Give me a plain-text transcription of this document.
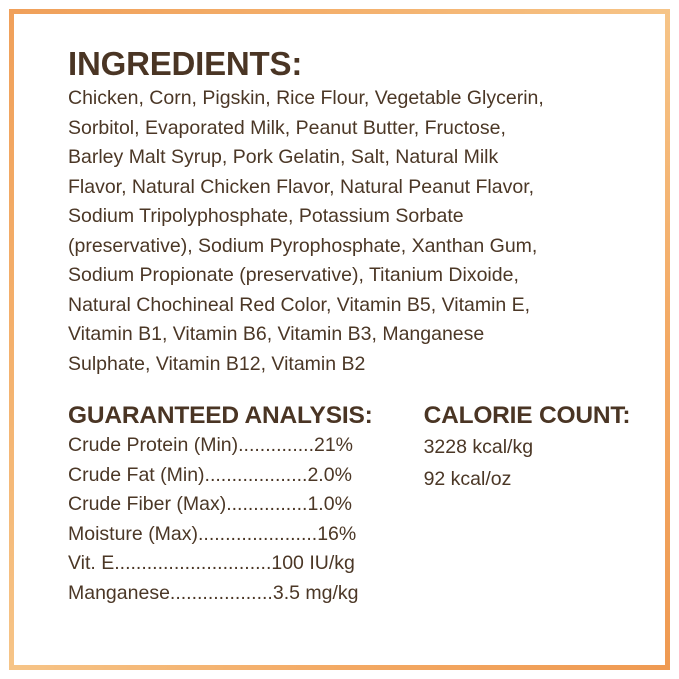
INGREDIENTS:
Chicken, Corn, Pigskin, Rice Flour, Vegetable Glycerin, Sorbitol, Evaporated Milk, Peanut Butter, Fructose, Barley Malt Syrup, Pork Gelatin, Salt, Natural Milk Flavor, Natural Chicken Flavor, Natural Peanut Flavor, Sodium Tripolyphosphate, Potassium Sorbate (preservative), Sodium Pyrophosphate, Xanthan Gum, Sodium Propionate (preservative), Titanium Dixoide, Natural Chochineal Red Color, Vitamin B5, Vitamin E, Vitamin B1, Vitamin B6, Vitamin B3, Manganese Sulphate, Vitamin B12, Vitamin B2
GUARANTEED ANALYSIS:
Crude Protein (Min)..............21%
Crude Fat (Min)...................2.0%
Crude Fiber (Max)...............1.0%
Moisture (Max)......................16%
Vit. E.............................100 IU/kg
Manganese...................3.5 mg/kg
CALORIE COUNT:
3228 kcal/kg
92 kcal/oz
